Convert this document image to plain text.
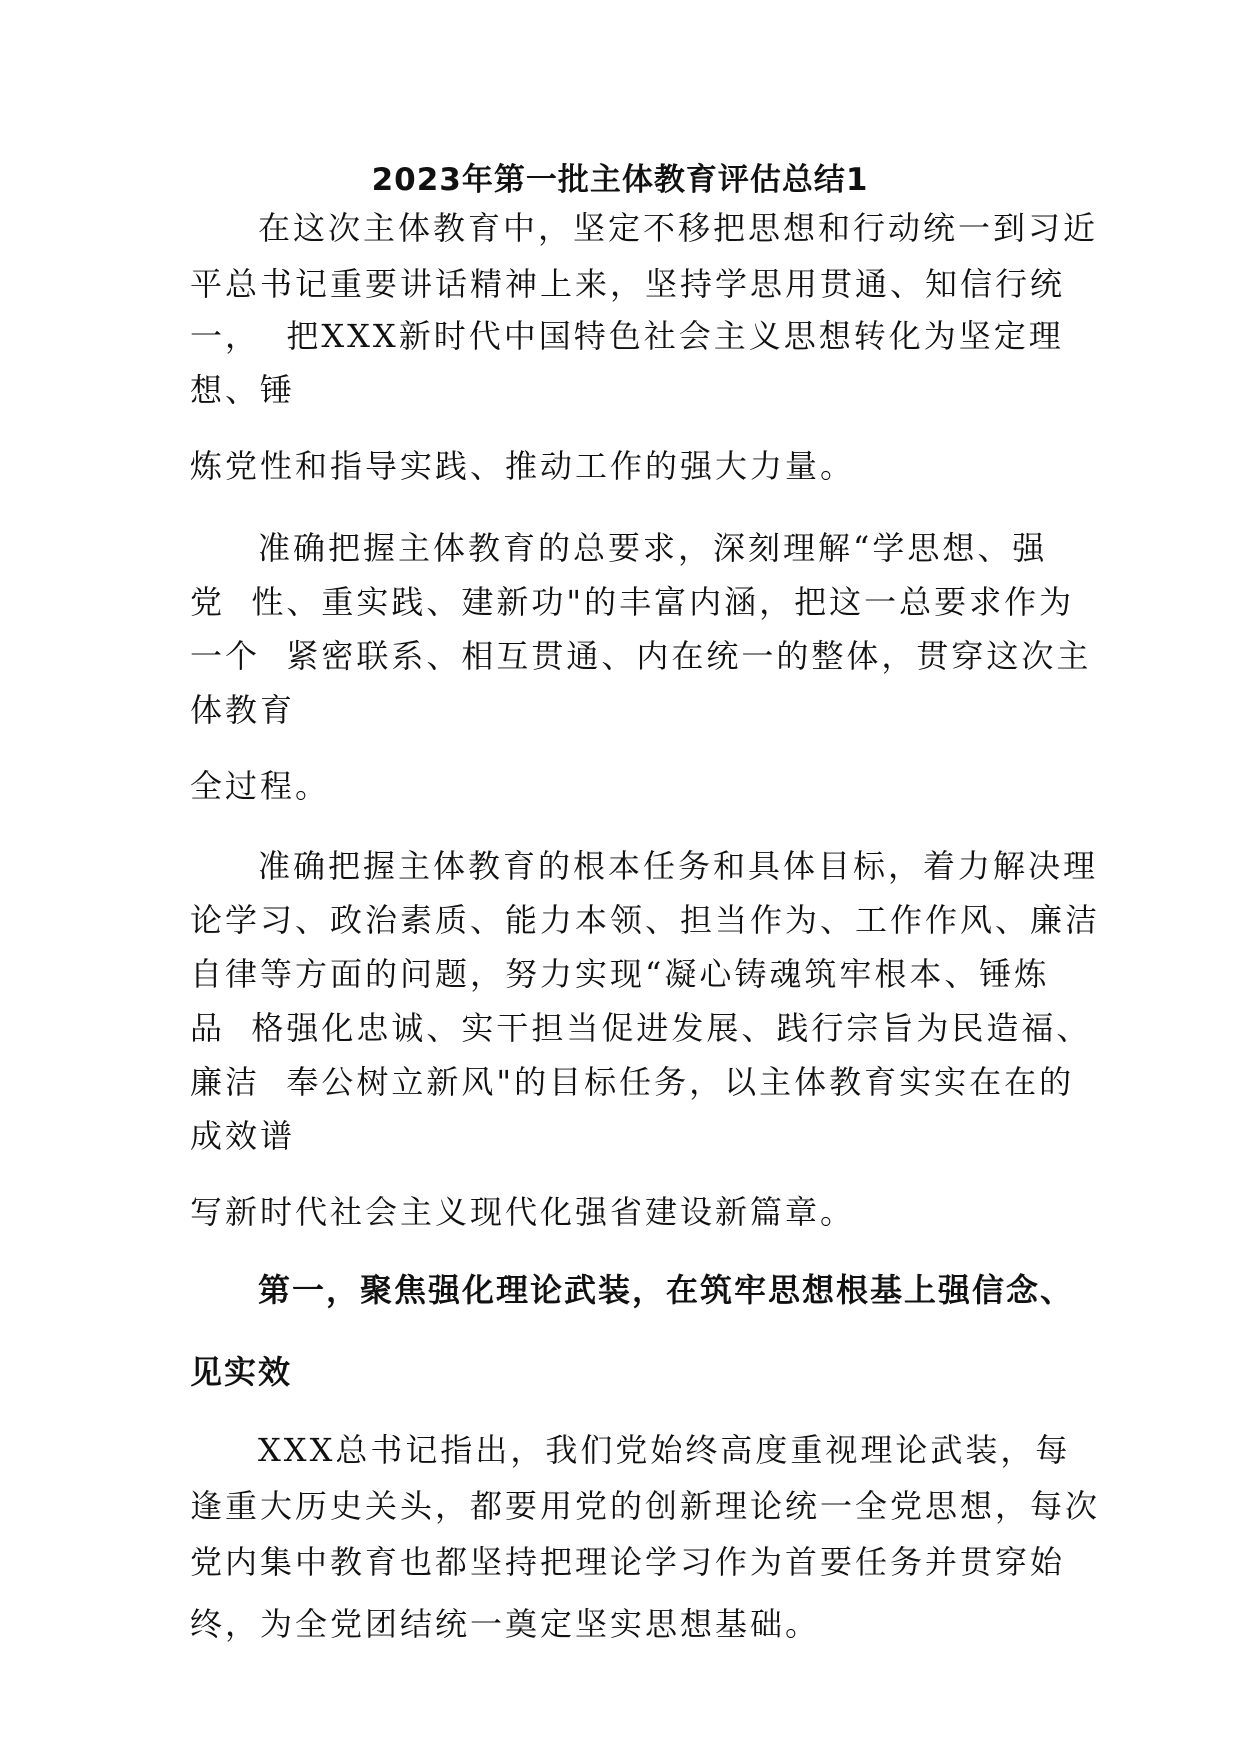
2023年第一批主体教育评估总结1
在这次主体教育中，坚定不移把思想和行动统一到习近
平总书记重要讲话精神上来，坚持学思用贯通、知信行统
一，  把XXX新时代中国特色社会主义思想转化为坚定理
想、锤
炼党性和指导实践、推动工作的强大力量。
准确把握主体教育的总要求，深刻理解“学思想、强
党  性、重实践、建新功"的丰富内涵，把这一总要求作为
一个  紧密联系、相互贯通、内在统一的整体，贯穿这次主
体教育
全过程。
准确把握主体教育的根本任务和具体目标，着力解决理
论学习、政治素质、能力本领、担当作为、工作作风、廉洁
自律等方面的问题，努力实现“凝心铸魂筑牢根本、锤炼
品  格强化忠诚、实干担当促进发展、践行宗旨为民造福、
廉洁  奉公树立新风"的目标任务，以主体教育实实在在的
成效谱
写新时代社会主义现代化强省建设新篇章。
第一，聚焦强化理论武装，在筑牢思想根基上强信念、
见实效
XXX总书记指出，我们党始终高度重视理论武装，每
逢重大历史关头，都要用党的创新理论统一全党思想，每次
党内集中教育也都坚持把理论学习作为首要任务并贯穿始
终，为全党团结统一奠定坚实思想基础。
